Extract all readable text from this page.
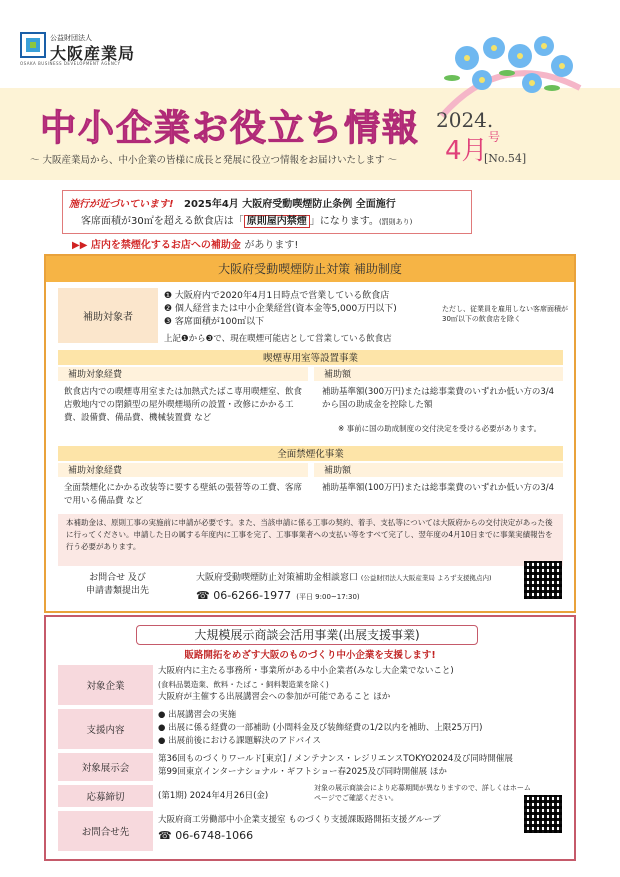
公益財団法人
大阪産業局
OSAKA BUSINESS DEVELOPMENT AGENCY
中小企業お役立ち情報
～ 大阪産業局から、中小企業の皆様に成長と発展に役立つ情報をお届けいたします ～
2024.
4月 号
[No.54]
施行が近づいています! 2025年4月 大阪府受動喫煙防止条例 全面施行
客席面積が30㎡を超える飲食店は「 原則屋内禁煙 」になります。(罰則あり)
▶▶ 店内を禁煙化するお店への補助金 があります!
大阪府受動喫煙防止対策 補助制度
補助対象者
❶ 大阪府内で2020年4月1日時点で営業している飲食店
❷ 個人経営または中小企業経営(資本金等5,000万円以下)
❸ 客席面積が100㎡以下
ただし、従業員を雇用しない客席面積が30㎡以下の飲食店を除く
上記❶から❸で、現在喫煙可能店として営業している飲食店
喫煙専用室等設置事業
補助対象経費	補助額
飲食店内での喫煙専用室または加熱式たばこ専用喫煙室、飲食店敷地内での閉鎖型の屋外喫煙場所の設置・改修にかかる工費、設備費、備品費、機械装置費 など
補助基準額(300万円)または総事業費のいずれか低い方の3/4から国の助成金を控除した額
※ 事前に国の助成制度の交付決定を受ける必要があります。
全面禁煙化事業
補助対象経費	補助額
全面禁煙化にかかる改装等に要する壁紙の張替等の工費、客席で用いる備品費 など
補助基準額(100万円)または総事業費のいずれか低い方の3/4
本補助金は、原則工事の実施前に申請が必要です。また、当該申請に係る工事の契約、着手、支払等については大阪府からの交付決定があった後に行ってください。申請した日の属する年度内に工事を完了、工事事業者への支払い等をすべて完了し、翌年度の4月10日までに事業実績報告を行う必要があります。
お問合せ 及び
申請書類提出先
大阪府受動喫煙防止対策補助金相談窓口 (公益財団法人大阪産業局 よろず支援拠点内)
☎ 06-6266-1977 (平日 9:00~17:30)
大規模展示商談会活用事業(出展支援事業)
販路開拓をめざす大阪のものづくり中小企業を支援します!
対象企業
大阪府内に主たる事務所・事業所がある中小企業者(みなし大企業でないこと)
(食料品製造業、飲料・たばこ・飼料製造業を除く)
大阪府が主催する出展講習会への参加が可能であること ほか
支援内容
● 出展講習会の実施
● 出展に係る経費の一部補助 (小間料金及び装飾経費の1/2以内を補助、上限25万円)
● 出展前後における課題解決のアドバイス
対象展示会
第36回ものづくりワールド[東京] / メンテナンス・レジリエンスTOKYO2024及び同時開催展
第99回東京インターナショナル・ギフトショー春2025及び同時開催展 ほか
応募締切	(第1期) 2024年4月26日(金)
対象の展示商談会により応募期間が異なりますので、詳しくはホームページでご確認ください。
お問合せ先
大阪府商工労働部中小企業支援室 ものづくり支援課販路開拓支援グループ
☎ 06-6748-1066
